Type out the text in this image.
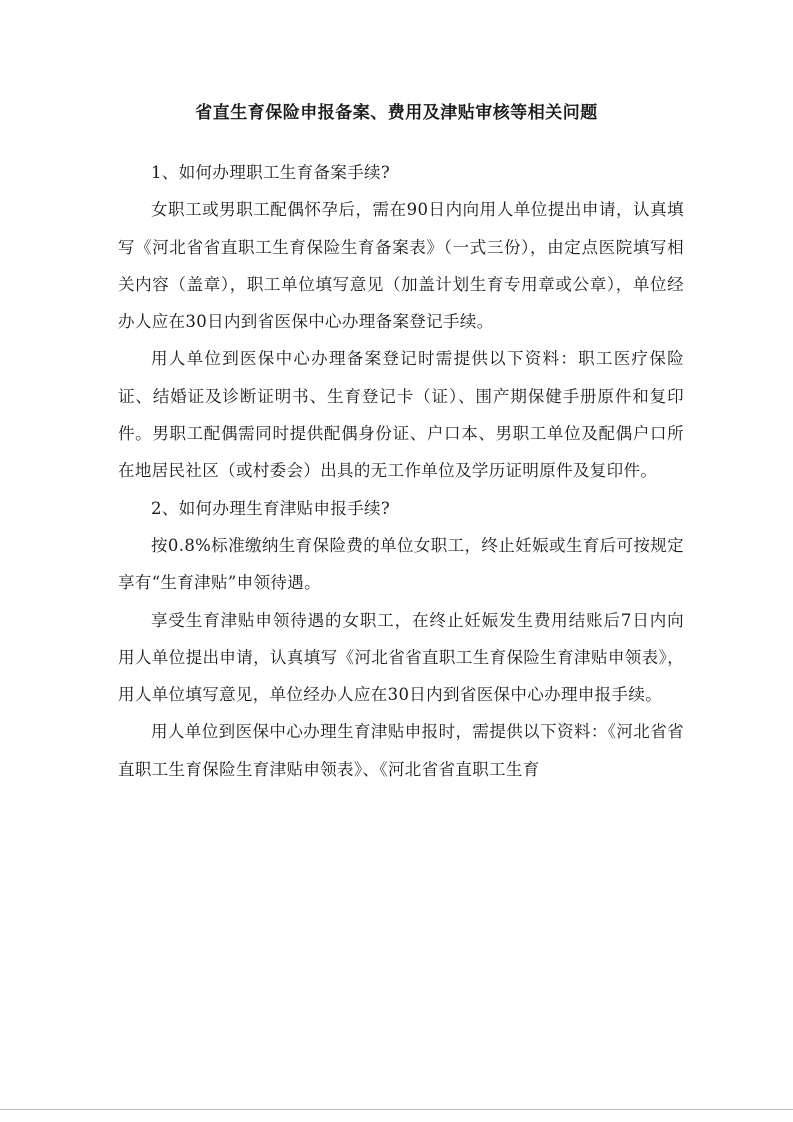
省直生育保险申报备案、费用及津贴审核等相关问题

1、如何办理职工生育备案手续?

女职工或男职工配偶怀孕后，需在90日内向用人单位提出申请，认真填写《河北省省直职工生育保险生育备案表》（一式三份），由定点医院填写相关内容（盖章），职工单位填写意见（加盖计划生育专用章或公章），单位经办人应在30日内到省医保中心办理备案登记手续。

用人单位到医保中心办理备案登记时需提供以下资料：职工医疗保险证、结婚证及诊断证明书、生育登记卡（证）、围产期保健手册原件和复印件。男职工配偶需同时提供配偶身份证、户口本、男职工单位及配偶户口所在地居民社区（或村委会）出具的无工作单位及学历证明原件及复印件。

2、如何办理生育津贴申报手续?

按0.8%标准缴纳生育保险费的单位女职工，终止妊娠或生育后可按规定享有“生育津贴”申领待遇。

享受生育津贴申领待遇的女职工，在终止妊娠发生费用结账后7日内向用人单位提出申请，认真填写《河北省省直职工生育保险生育津贴申领表》，用人单位填写意见，单位经办人应在30日内到省医保中心办理申报手续。

用人单位到医保中心办理生育津贴申报时，需提供以下资料：《河北省省直职工生育保险生育津贴申领表》、《河北省省直职工生育
